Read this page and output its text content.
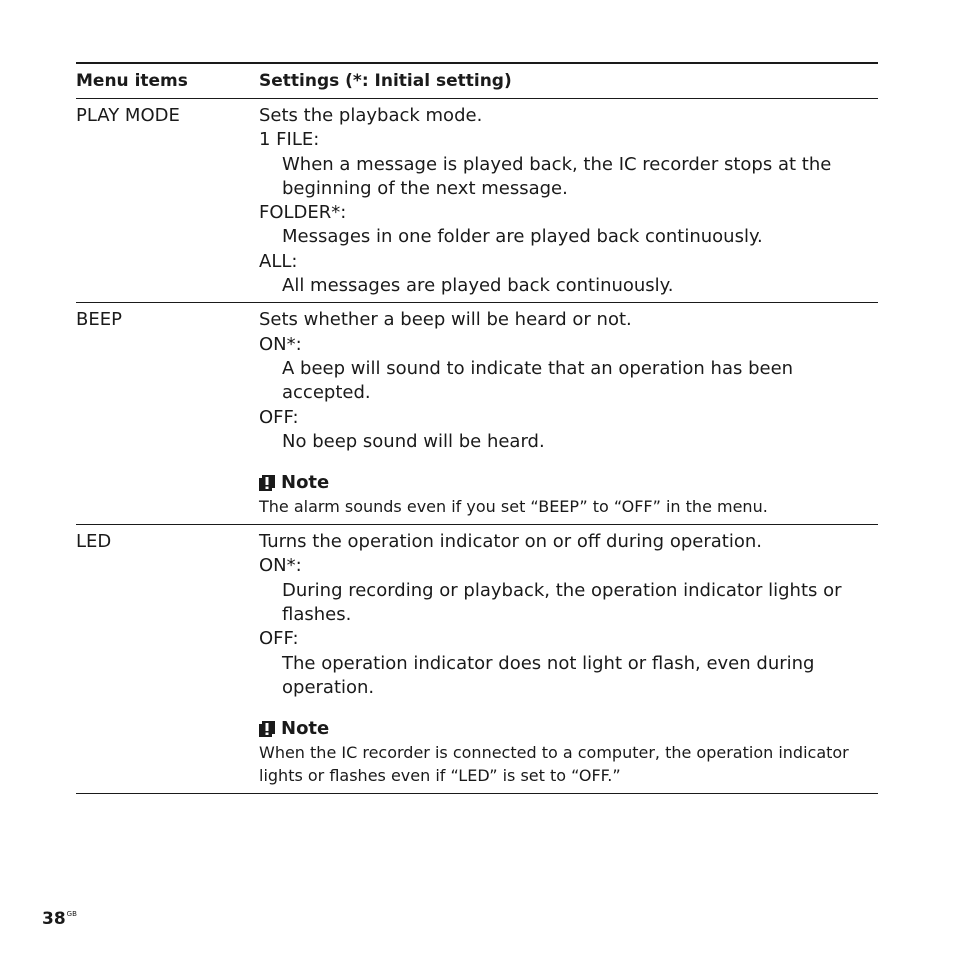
Menu items	Settings (*: Initial setting)
PLAY MODE	Sets the playback mode.
1 FILE:
When a message is played back, the IC recorder stops at the
beginning of the next message.
FOLDER*:
Messages in one folder are played back continuously.
ALL:
All messages are played back continuously.
BEEP	Sets whether a beep will be heard or not.
ON*:
A beep will sound to indicate that an operation has been accepted.
OFF:
No beep sound will be heard.
Note
The alarm sounds even if you set “BEEP” to “OFF” in the menu.
LED	Turns the operation indicator on or off during operation.
ON*:
During recording or playback, the operation indicator lights or
flashes.
OFF:
The operation indicator does not light or flash, even during
operation.
Note
When the IC recorder is connected to a computer, the operation indicator
lights or flashes even if “LED” is set to “OFF.”
$38^{GB}$
